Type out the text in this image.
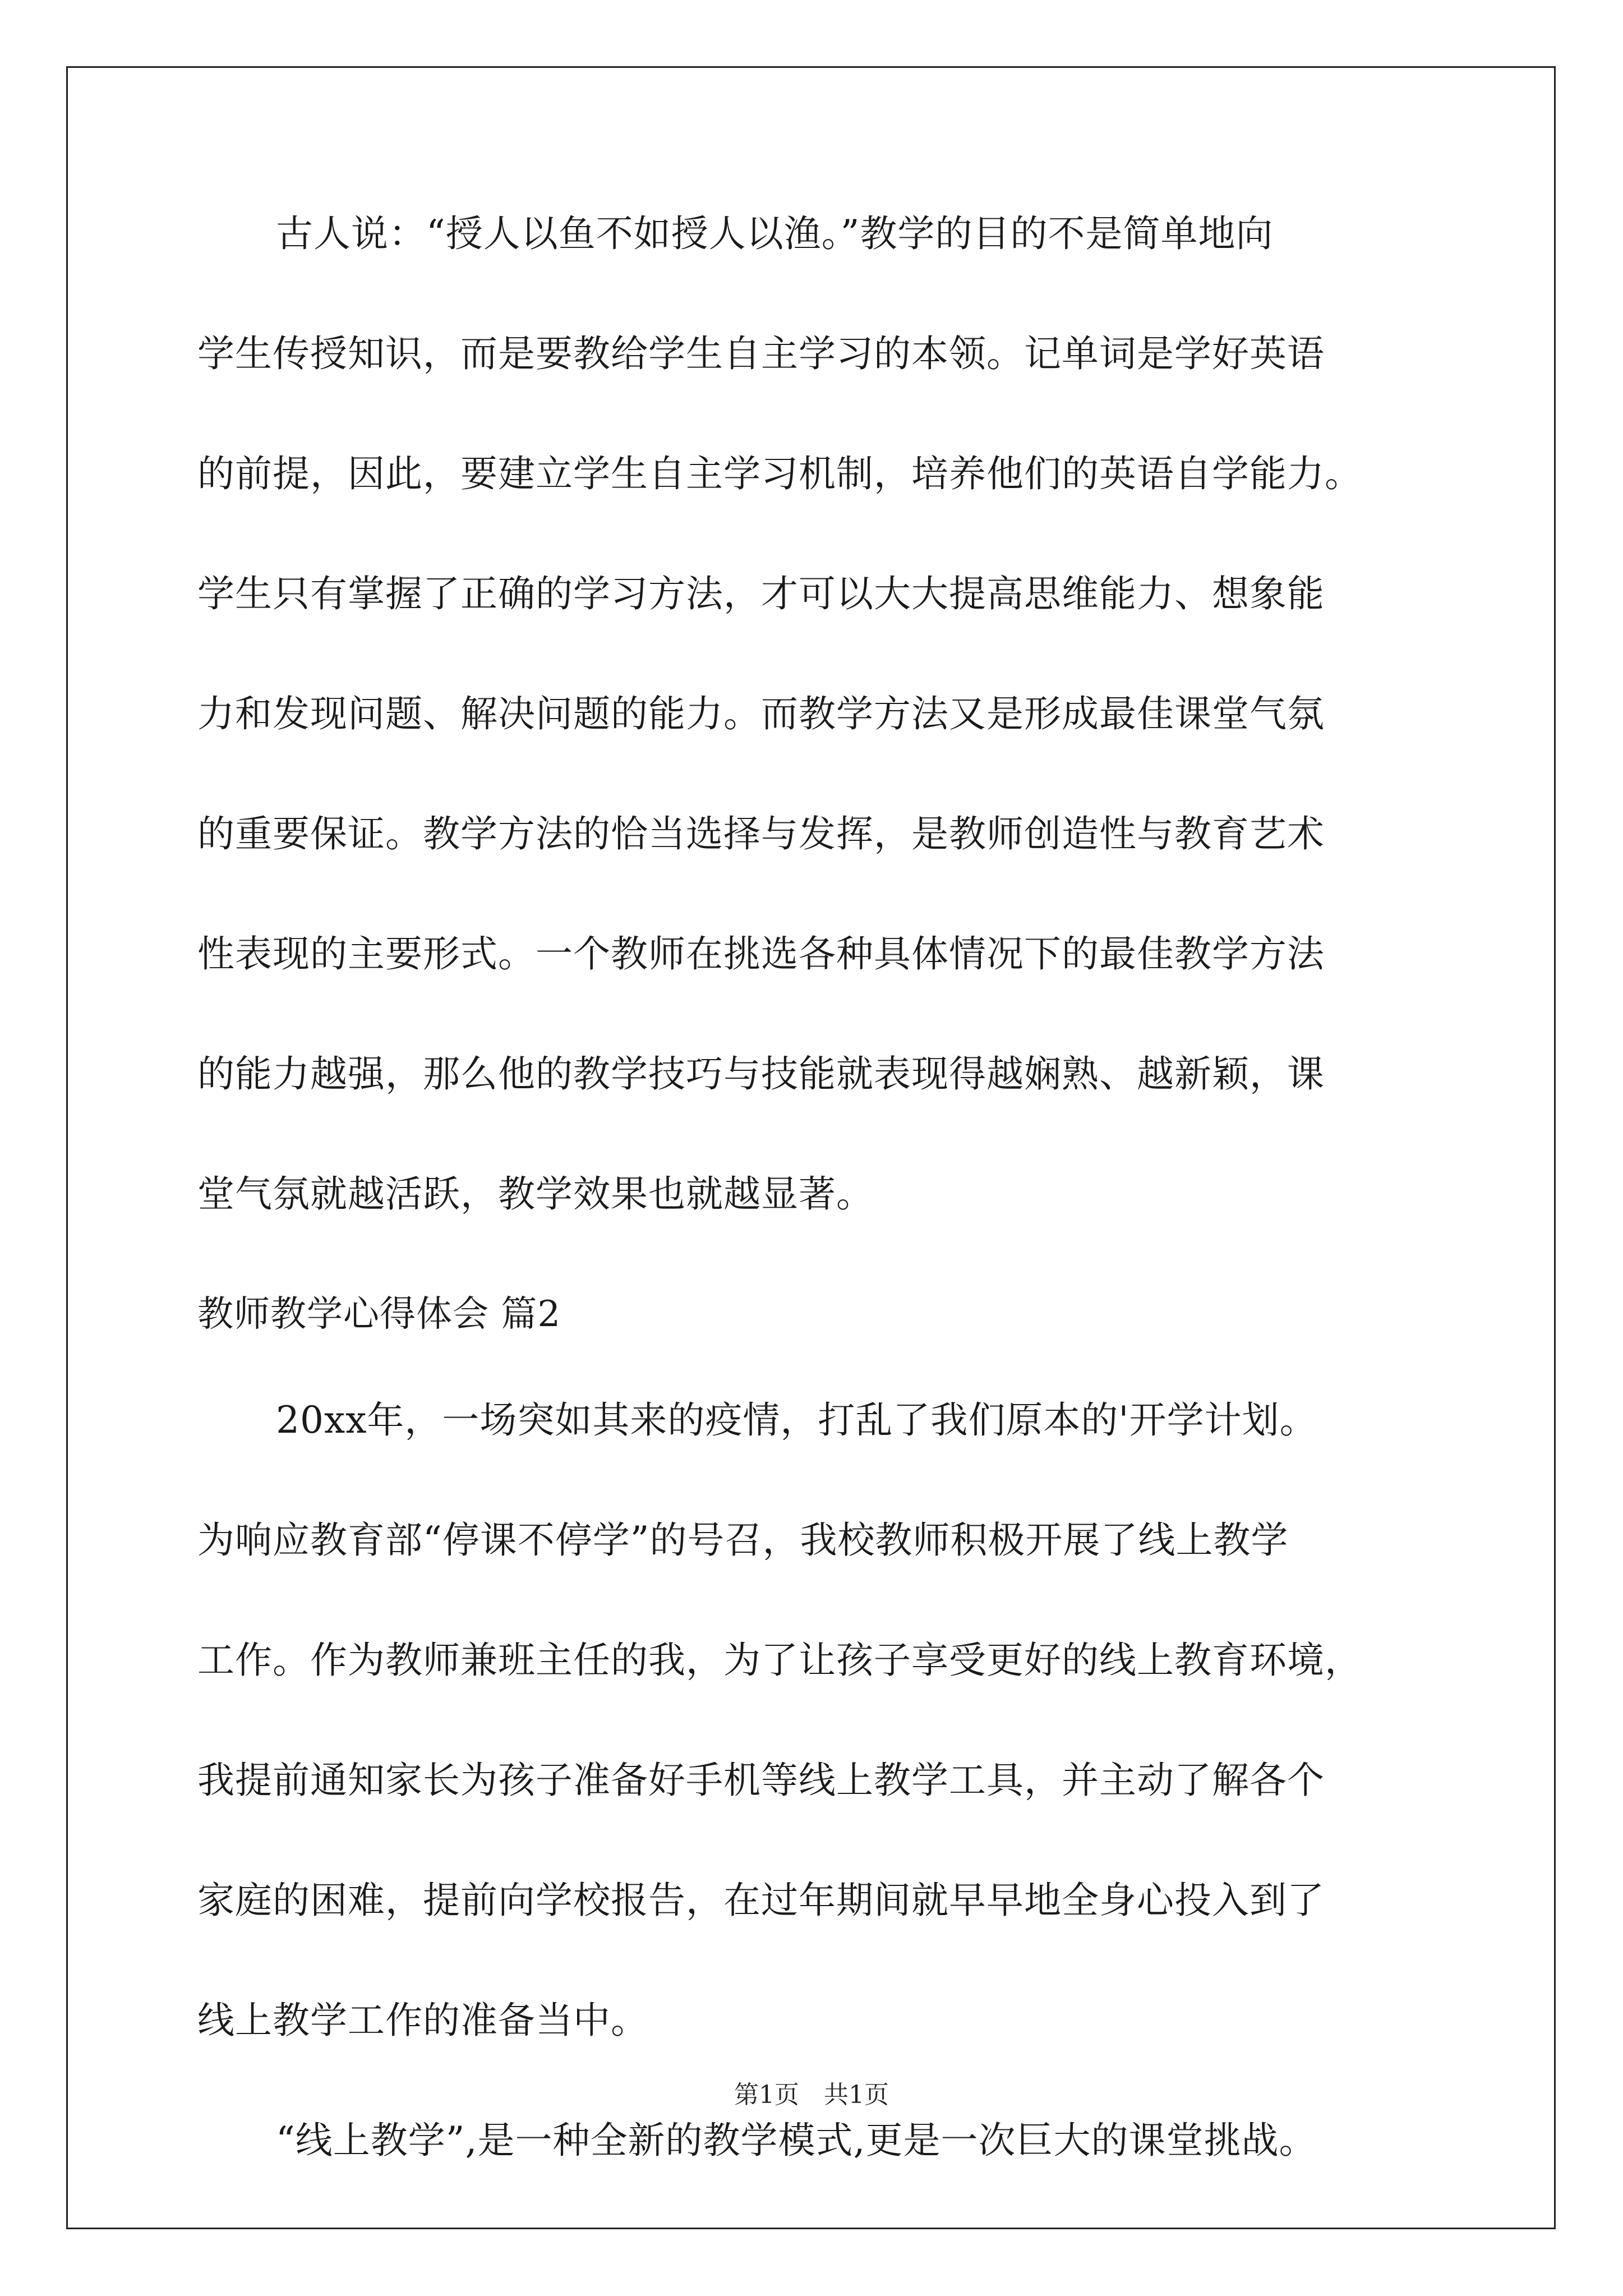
古人说：“授人以鱼不如授人以渔。”教学的目的不是简单地向
学生传授知识，而是要教给学生自主学习的本领。记单词是学好英语
的前提，因此，要建立学生自主学习机制，培养他们的英语自学能力。
学生只有掌握了正确的学习方法，才可以大大提高思维能力、想象能
力和发现问题、解决问题的能力。而教学方法又是形成最佳课堂气氛
的重要保证。教学方法的恰当选择与发挥，是教师创造性与教育艺术
性表现的主要形式。一个教师在挑选各种具体情况下的最佳教学方法
的能力越强，那么他的教学技巧与技能就表现得越娴熟、越新颖，课
堂气氛就越活跃，教学效果也就越显著。
教师教学心得体会 篇2
20xx年，一场突如其来的疫情，打乱了我们原本的'开学计划。
为响应教育部“停课不停学”的号召，我校教师积极开展了线上教学
工作。作为教师兼班主任的我，为了让孩子享受更好的线上教育环境，
我提前通知家长为孩子准备好手机等线上教学工具，并主动了解各个
家庭的困难，提前向学校报告，在过年期间就早早地全身心投入到了
线上教学工作的准备当中。
“线上教学”,是一种全新的教学模式,更是一次巨大的课堂挑战。
第1页　共1页
